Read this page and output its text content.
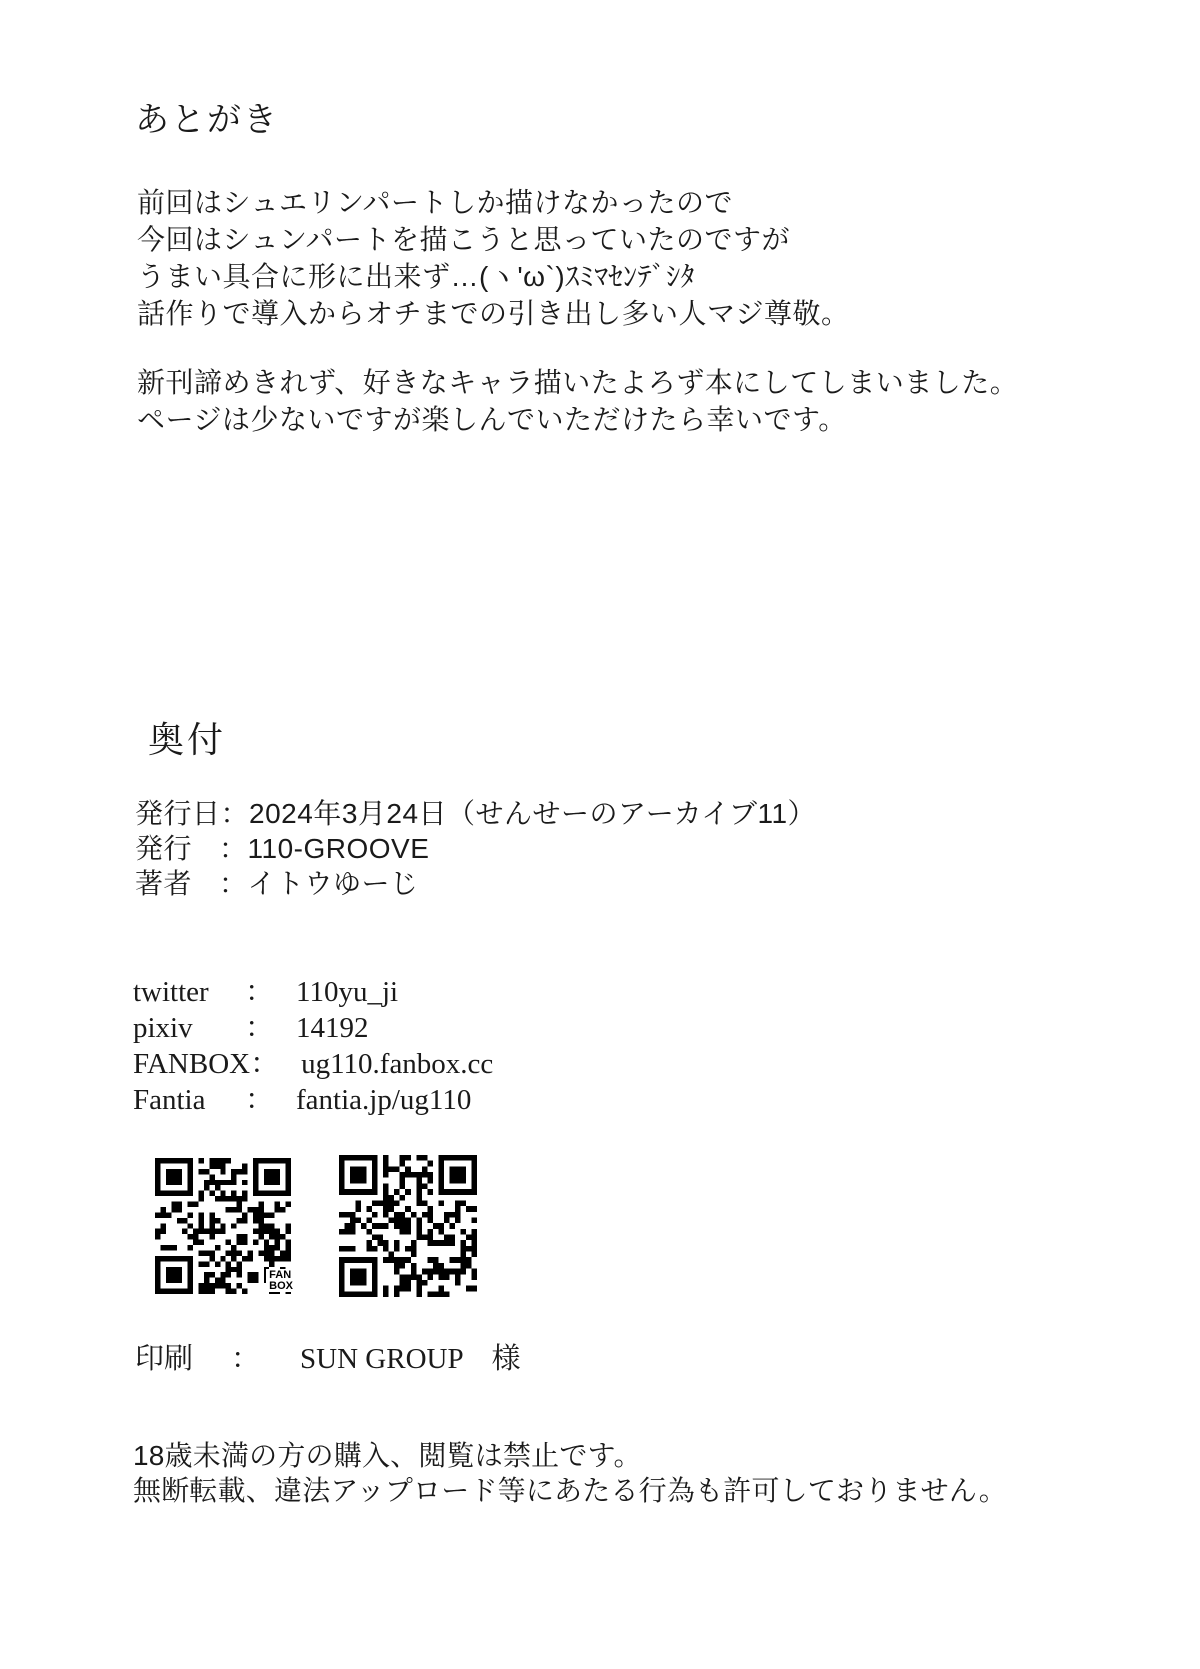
あとがき
前回はシュエリンパートしか描けなかったので
今回はシュンパートを描こうと思っていたのですが
うまい具合に形に出来ず…(ヽ'ω`)ｽﾐﾏｾﾝﾃﾞｼﾀ
話作りで導入からオチまでの引き出し多い人マジ尊敬。
新刊諦めきれず、好きなキャラ描いたよろず本にしてしまいました。
ページは少ないですが楽しんでいただけたら幸いです。
奥付
発行日 ： 2024年3月24日（せんせーのアーカイブ11）
発行 ： 110-GROOVE
著者 ： イトウゆーじ
twitter	： 110yu_ji
pixiv	： 14192
FANBOX ： ug110.fanbox.cc
Fantia	： fantia.jp/ug110
FAN
BOX
印刷	： SUN GROUP　様
18歳未満の方の購入、閲覧は禁止です。
無断転載、違法アップロード等にあたる行為も許可しておりません。
